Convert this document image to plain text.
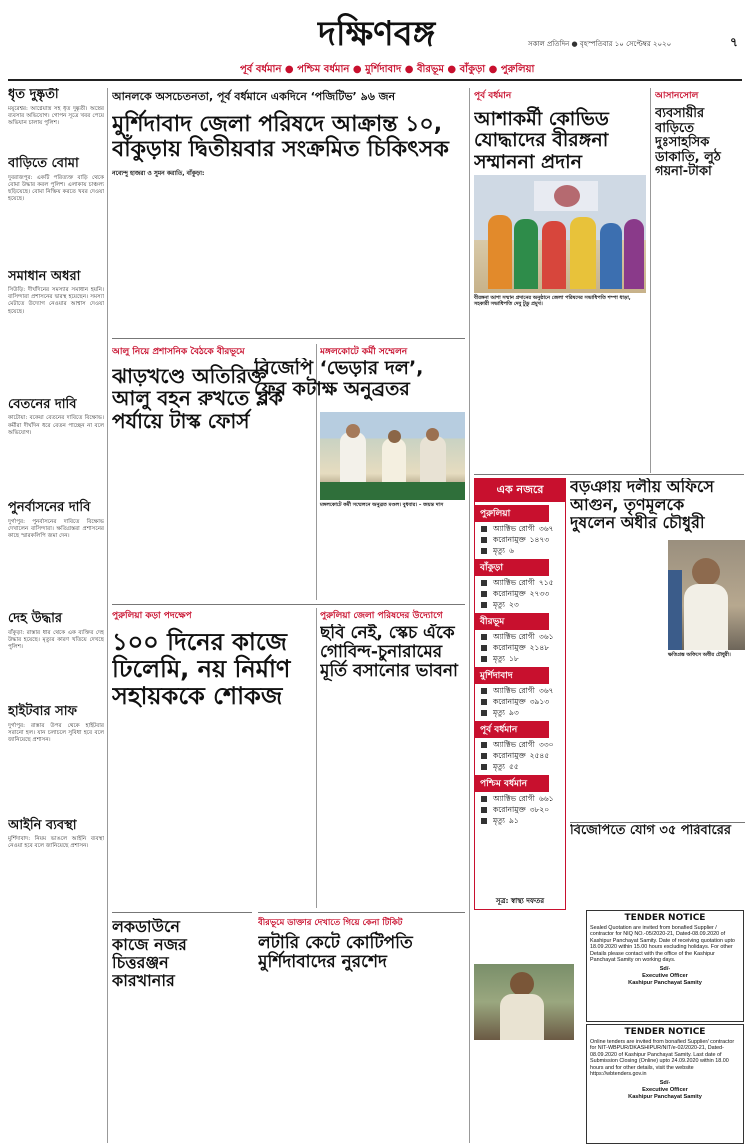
দক্ষিণবঙ্গ	সকাল প্রতিদিন ● বৃহস্পতিবার ১০ সেপ্টেম্বর ২০২০	৭
পূর্ব বর্ধমান ● পশ্চিম বর্ধমান ● মুর্শিদাবাদ ● বীরভূম ● বাঁকুড়া ● পুরুলিয়া
ধৃত দুষ্কৃতী
ময়ূরেশ্বর: আগ্নেয়াস্ত্র সহ ধৃত দুষ্কৃতী। অস্ত্রের ব্যবসার অভিযোগ। গোপন সূত্রে খবর পেয়ে অভিযান চালায় পুলিশ।
বাড়িতে বোমা
দুবরাজপুর: একটি পরিত্যক্ত বাড়ি থেকে বোমা উদ্ধার করল পুলিশ। এলাকায় চাঞ্চল্য ছড়িয়েছে। বোমা নিষ্ক্রিয় করতে খবর দেওয়া হয়েছে।
সমাধান অধরা
সিউড়ি: দীর্ঘদিনের সমস্যার সমাধান হয়নি। বাসিন্দারা প্রশাসনের দ্বারস্থ হয়েছেন। সমস্যা মেটাতে উদ্যোগ নেওয়ার আশ্বাস দেওয়া হয়েছে।
বেতনের দাবি
কাটোয়া: বকেয়া বেতনের দাবিতে বিক্ষোভ। কর্মীরা দীর্ঘদিন ধরে বেতন পাচ্ছেন না বলে অভিযোগ।
পুনর্বাসনের দাবি
দুর্গাপুর: পুনর্বাসনের দাবিতে বিক্ষোভ দেখালেন বাসিন্দারা। ক্ষতিগ্রস্তরা প্রশাসনের কাছে স্মারকলিপি জমা দেন।
দেহ উদ্ধার
বাঁকুড়া: রাস্তার ধার থেকে এক ব্যক্তির দেহ উদ্ধার হয়েছে। মৃত্যুর কারণ খতিয়ে দেখছে পুলিশ।
হাইটবার সাফ
দুর্গাপুর: রাস্তার উপর থেকে হাইটবার সরানো হল। যান চলাচলে সুবিধা হবে বলে জানিয়েছে প্রশাসন।
আইনি ব্যবস্থা
মুর্শিদাবাদ: নিয়ম ভাঙলে আইনি ব্যবস্থা নেওয়া হবে বলে জানিয়েছে প্রশাসন।
আনলকে অসচেতনতা, পূর্ব বর্ধমানে একদিনে ‘পজিটিভ’ ৯৬ জন
মুর্শিদাবাদ জেলা পরিষদে আক্রান্ত ১০,
বাঁকুড়ায় দ্বিতীয়বার সংক্রমিত চিকিৎসক
নব্যেন্দু হাজরা ও সুমন করাতি, বাঁকুড়া:
আলু নিয়ে প্রশাসনিক বৈঠকে বীরভূমে
ঝাড়খণ্ডে অতিরিক্ত
আলু বহন রুখতে ব্লক
পর্যায়ে টাস্ক ফোর্স
মঙ্গলকোটে কর্মী সম্মেলন
বিজেপি ‘ভেড়ার দল’,
ফের কটাক্ষ অনুব্রতর
মঙ্গলকোটে কর্মী সম্মেলনে অনুব্রত মণ্ডল। বুধবার। – জয়ন্ত দাস
পুরুলিয়া কড়া পদক্ষেপ
১০০ দিনের কাজে
ঢিলেমি, নয় নির্মাণ
সহায়ককে শোকজ
পুরুলিয়া জেলা পরিষদের উদ্যোগে
ছবি নেই, স্কেচ এঁকে
গোবিন্দ-চুনারামের
মূর্তি বসানোর ভাবনা
লকডাউনে
কাজে নজর
চিত্তরঞ্জন
কারখানার
বীরভূমে ডাক্তার দেখাতে গিয়ে কেনা টিকিট
লটারি কেটে কোটিপতি
মুর্শিদাবাদের নুরশেদ
পূর্ব বর্ধমান
আশাকর্মী কোভিড
যোদ্ধাদের বীরঙ্গনা
সম্মাননা প্রদান
বীরঙ্গনা আশা সম্মান প্রদানের অনুষ্ঠানে জেলা পরিষদের সভাধিপতি শম্পা ধাড়া, সহকারী সভাধিপতি দেবু টুডু প্রমুখ।
আসানসোল
ব্যবসায়ীর
বাড়িতে
দুঃসাহসিক
ডাকাতি, লুঠ
গয়না-টাকা
এক নজরে
পুরুলিয়া
অ্যাক্টিভ রোগী ৩৬৭
করোনামুক্ত ১৪৭৩
মৃত্যু ৬
বাঁকুড়া
অ্যাক্টিভ রোগী ৭১৫
করোনামুক্ত ২৭৩৩
মৃত্যু ২৩
বীরভূম
অ্যাক্টিভ রোগী ৩৬১
করোনামুক্ত ২১৪৮
মৃত্যু ১৮
মুর্শিদাবাদ
অ্যাক্টিভ রোগী ৩৬৭
করোনামুক্ত ৩৯১৩
মৃত্যু ৯৩
পূর্ব বর্ধমান
অ্যাক্টিভ রোগী ৩৩০
করোনামুক্ত ২৫৪৫
মৃত্যু ৫৫
পশ্চিম বর্ধমান
অ্যাক্টিভ রোগী ৬৬১
করোনামুক্ত ৩৮২০
মৃত্যু ৯১
সূত্র: স্বাস্থ্য দফতর
বড়ঞায় দলীয় অফিসে
আগুন, তৃণমূলকে
দুষলেন অধীর চৌধুরী
ক্ষতিগ্রস্ত অফিসে অধীর চৌধুরী।
বিজেপিতে যোগ ৩৫ পরিবারের
TENDER NOTICE
Sealed Quotation are invited from bonafied Supplier / contractor for NIQ NO.-05/2020-21, Dated-08.09.2020 of Kashipur Panchayat Samity. Date of receiving quotation upto 18.09.2020 within 15.00 hours excluding holidays. For other Details please contact with the office of the Kashipur Panchayat Samity on working days.
Sd/-
Executive Officer
Kashipur Panchayat Samity
TENDER NOTICE
Online tenders are invited from bonafied Supplier/ contractor for NIT-WBPUR/DKASHIPUR/NIT/e-02/2020-21, Dated-08.09.2020 of Kashipur Panchayat Samity. Last date of Submission Closing (Online) upto 24.09.2020 within 18.00 hours and for other details, visit the website https://wbtenders.gov.in
Sd/-
Executive Officer
Kashipur Panchayat Samity
